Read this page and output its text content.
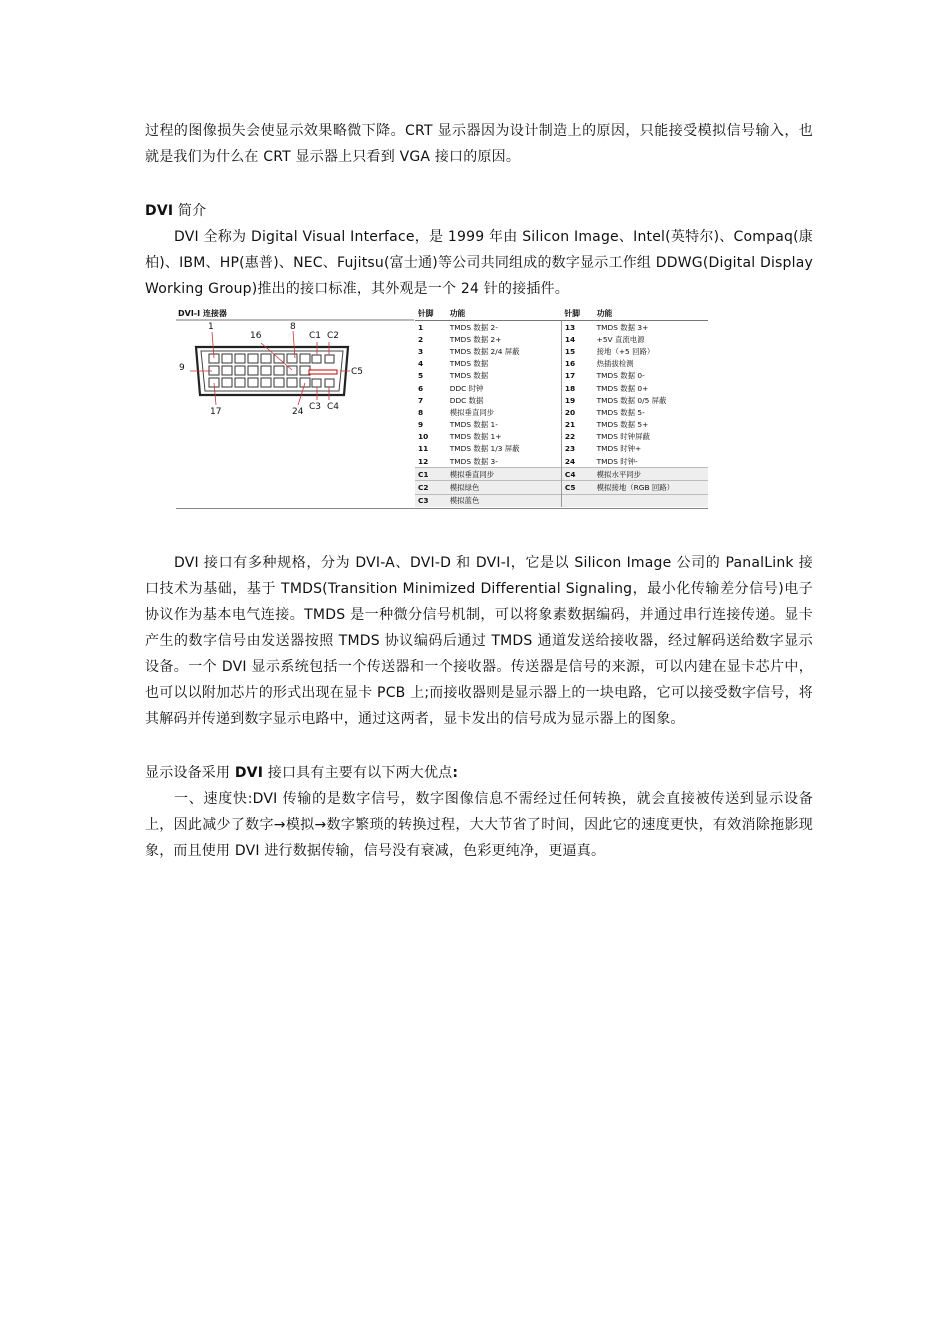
过程的图像损失会使显示效果略微下降。CRT 显示器因为设计制造上的原因，只能接受模拟信号输入，也就是我们为什么在 CRT 显示器上只看到 VGA 接口的原因。
DVI 简介
DVI 全称为 Digital Visual Interface，是 1999 年由 Silicon Image、Intel(英特尔)、Compaq(康柏)、IBM、HP(惠普)、NEC、Fujitsu(富士通)等公司共同组成的数字显示工作组 DDWG(Digital Display Working Group)推出的接口标准，其外观是一个 24 针的接插件。
DVI-I 连接器
1	8
16
9
17	24
C1 C2
C3 C4
C5
针脚	功能	针脚	功能
1	TMDS 数据 2-	13	TMDS 数据 3+
2	TMDS 数据 2+	14	+5V 直流电源
3	TMDS 数据 2/4 屏蔽	15	接地（+5 回路）
4	TMDS 数据	16	热插拔检测
5	TMDS 数据	17	TMDS 数据 0-
6	DDC 时钟	18	TMDS 数据 0+
7	DDC 数据	19	TMDS 数据 0/5 屏蔽
8	模拟垂直同步	20	TMDS 数据 5-
9	TMDS 数据 1-	21	TMDS 数据 5+
10	TMDS 数据 1+	22	TMDS 时钟屏蔽
11	TMDS 数据 1/3 屏蔽	23	TMDS 时钟+
12	TMDS 数据 3-	24	TMDS 时钟-
C1	模拟垂直同步	C4	模拟水平同步
C2	模拟绿色	C5	模拟接地（RGB 回路）
C3	模拟蓝色		
DVI 接口有多种规格，分为 DVI-A、DVI-D 和 DVI-I，它是以 Silicon Image 公司的 PanalLink 接口技术为基础，基于 TMDS(Transition Minimized Differential Signaling，最小化传输差分信号)电子协议作为基本电气连接。TMDS 是一种微分信号机制，可以将象素数据编码，并通过串行连接传递。显卡产生的数字信号由发送器按照 TMDS 协议编码后通过 TMDS 通道发送给接收器，经过解码送给数字显示设备。一个 DVI 显示系统包括一个传送器和一个接收器。传送器是信号的来源，可以内建在显卡芯片中，也可以以附加芯片的形式出现在显卡 PCB 上;而接收器则是显示器上的一块电路，它可以接受数字信号，将其解码并传递到数字显示电路中，通过这两者，显卡发出的信号成为显示器上的图象。
显示设备采用 DVI 接口具有主要有以下两大优点:
一、速度快:DVI 传输的是数字信号，数字图像信息不需经过任何转换，就会直接被传送到显示设备上，因此减少了数字→模拟→数字繁琐的转换过程，大大节省了时间，因此它的速度更快，有效消除拖影现象，而且使用 DVI 进行数据传输，信号没有衰减，色彩更纯净，更逼真。
